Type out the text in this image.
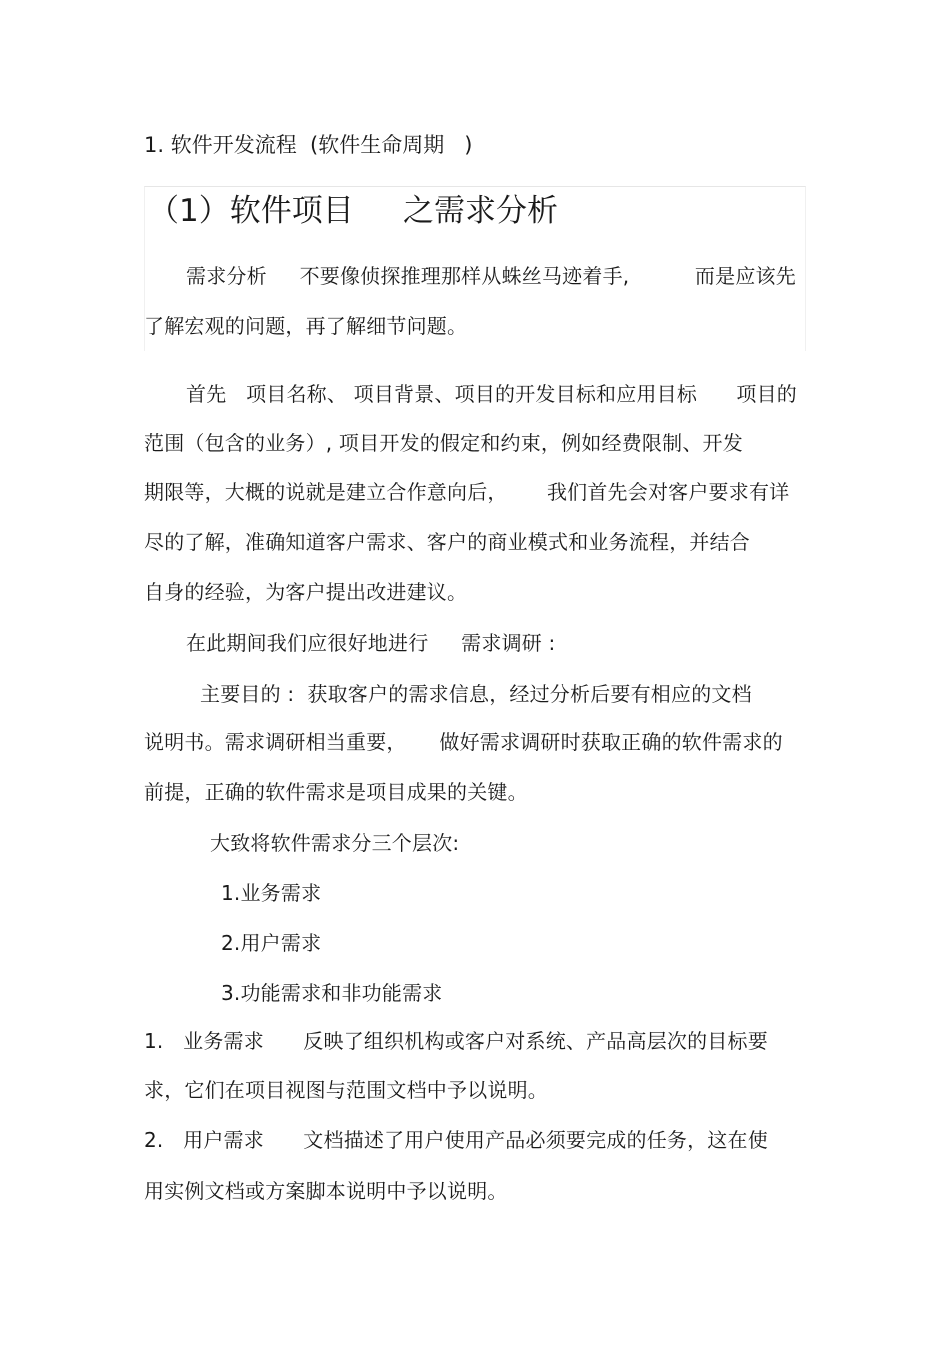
1. 软件开发流程  (软件生命周期   )
（1）软件项目     之需求分析
需求分析     不要像侦探推理那样从蛛丝马迹着手,          而是应该先
了解宏观的问题，再了解细节问题。
首先   项目名称、 项目背景、项目的开发目标和应用目标      项目的
范围（包含的业务）, 项目开发的假定和约束，例如经费限制、开发
期限等，大概的说就是建立合作意向后，      我们首先会对客户要求有详
尽的了解，准确知道客户需求、客户的商业模式和业务流程，并结合
自身的经验，为客户提出改进建议。
在此期间我们应很好地进行     需求调研 :
主要目的 :  获取客户的需求信息，经过分析后要有相应的文档
说明书。需求调研相当重要，     做好需求调研时获取正确的软件需求的
前提，正确的软件需求是项目成果的关键。
大致将软件需求分三个层次:
1.业务需求
2.用户需求
3.功能需求和非功能需求
1.   业务需求      反映了组织机构或客户对系统、产品高层次的目标要
求，它们在项目视图与范围文档中予以说明。
2.   用户需求      文档描述了用户使用产品必须要完成的任务，这在使
用实例文档或方案脚本说明中予以说明。
